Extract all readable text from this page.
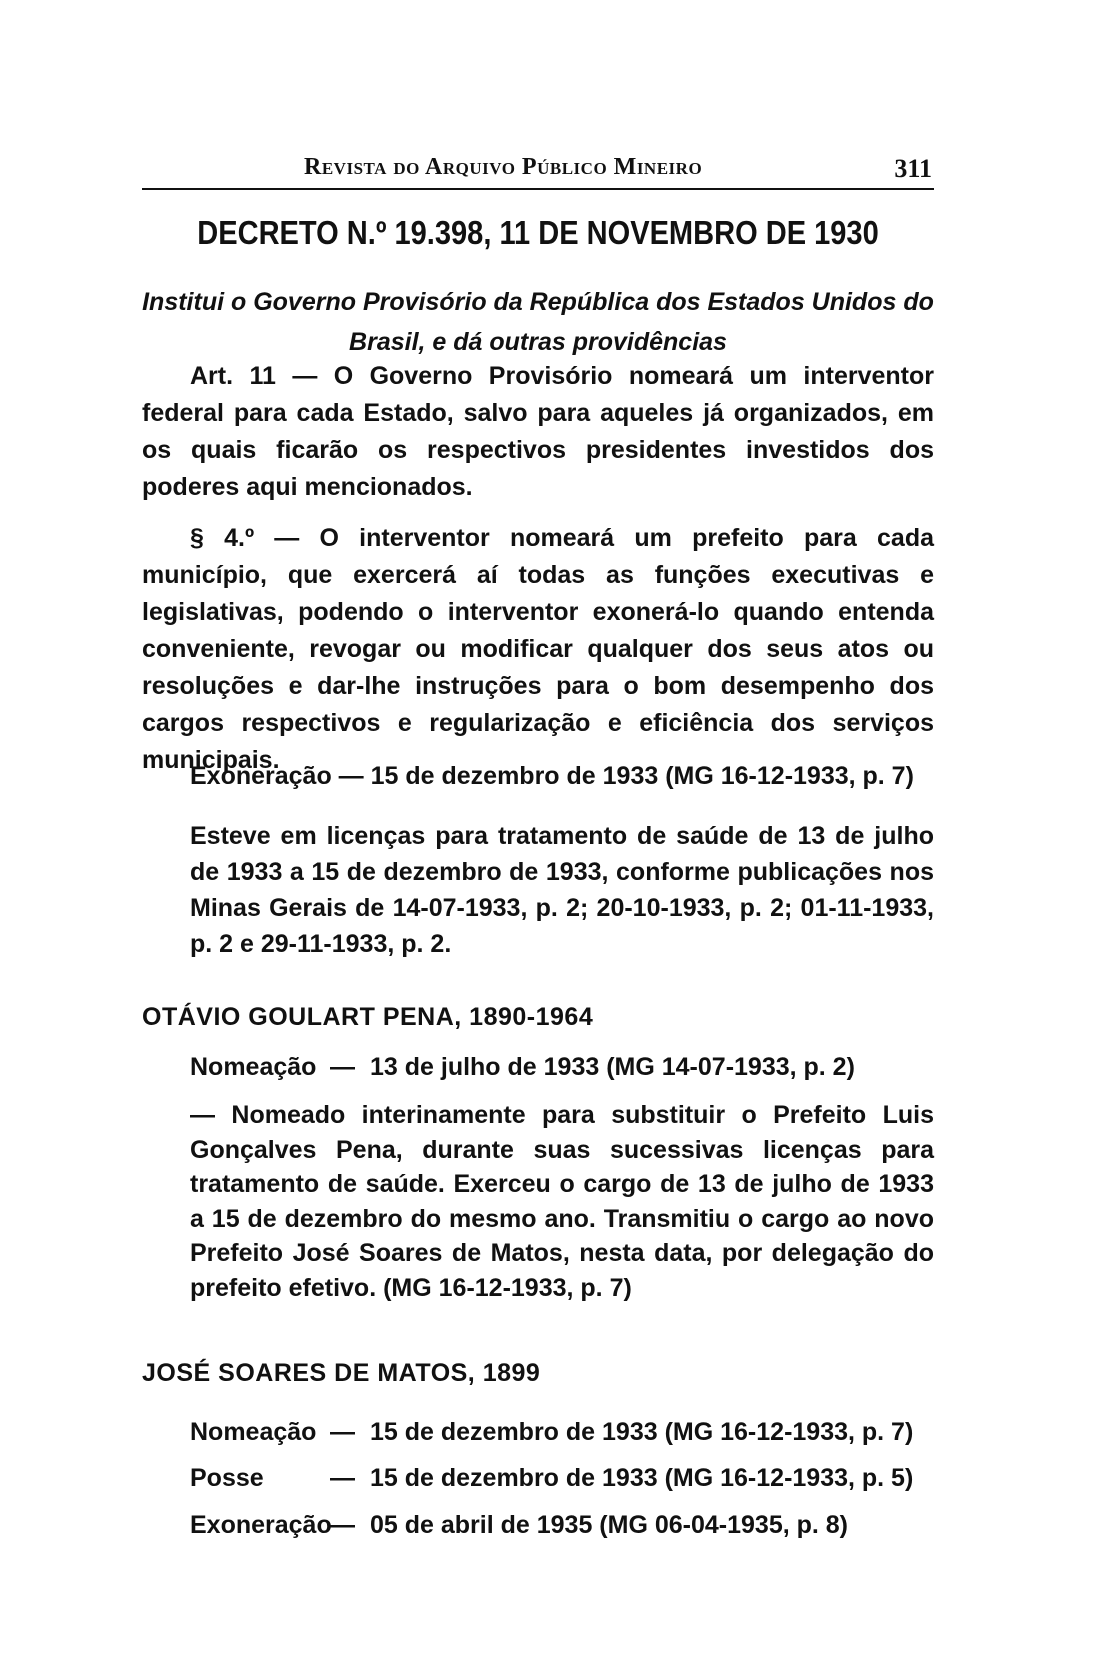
Revista do Arquivo Público Mineiro	311
DECRETO N.º 19.398, 11 DE NOVEMBRO DE 1930
Institui o Governo Provisório da República dos Estados Unidos do
Brasil, e dá outras providências

Art. 11 — O Governo Provisório nomeará um interventor federal para cada Estado, salvo para aqueles já organizados, em os quais ficarão os respectivos presidentes investidos dos poderes aqui mencionados.

§ 4.º — O interventor nomeará um prefeito para cada município, que exercerá aí todas as funções executivas e legislativas, podendo o interventor exonerá-lo quando entenda conveniente, revogar ou modificar qualquer dos seus atos ou resoluções e dar-lhe instruções para o bom desempenho dos cargos respectivos e regularização e eficiência dos serviços municipais.

Exoneração — 15 de dezembro de 1933 (MG 16-12-1933, p. 7)

Esteve em licenças para tratamento de saúde de 13 de julho de 1933 a 15 de dezembro de 1933, conforme publicações nos Minas Gerais de 14-07-1933, p. 2; 20-10-1933, p. 2; 01-11-1933, p. 2 e 29-11-1933, p. 2.

OTÁVIO GOULART PENA, 1890-1964
Nomeação — 13 de julho de 1933 (MG 14-07-1933, p. 2)

— Nomeado interinamente para substituir o Prefeito Luis Gonçalves Pena, durante suas sucessivas licenças para tratamento de saúde. Exerceu o cargo de 13 de julho de 1933 a 15 de dezembro do mesmo ano. Transmitiu o cargo ao novo Prefeito José Soares de Matos, nesta data, por delegação do prefeito efetivo. (MG 16-12-1933, p. 7)

JOSÉ SOARES DE MATOS, 1899
Nomeação — 15 de dezembro de 1933 (MG 16-12-1933, p. 7)
Posse	— 15 de dezembro de 1933 (MG 16-12-1933, p. 5)
Exoneração— 05 de abril de 1935 (MG 06-04-1935, p. 8)
